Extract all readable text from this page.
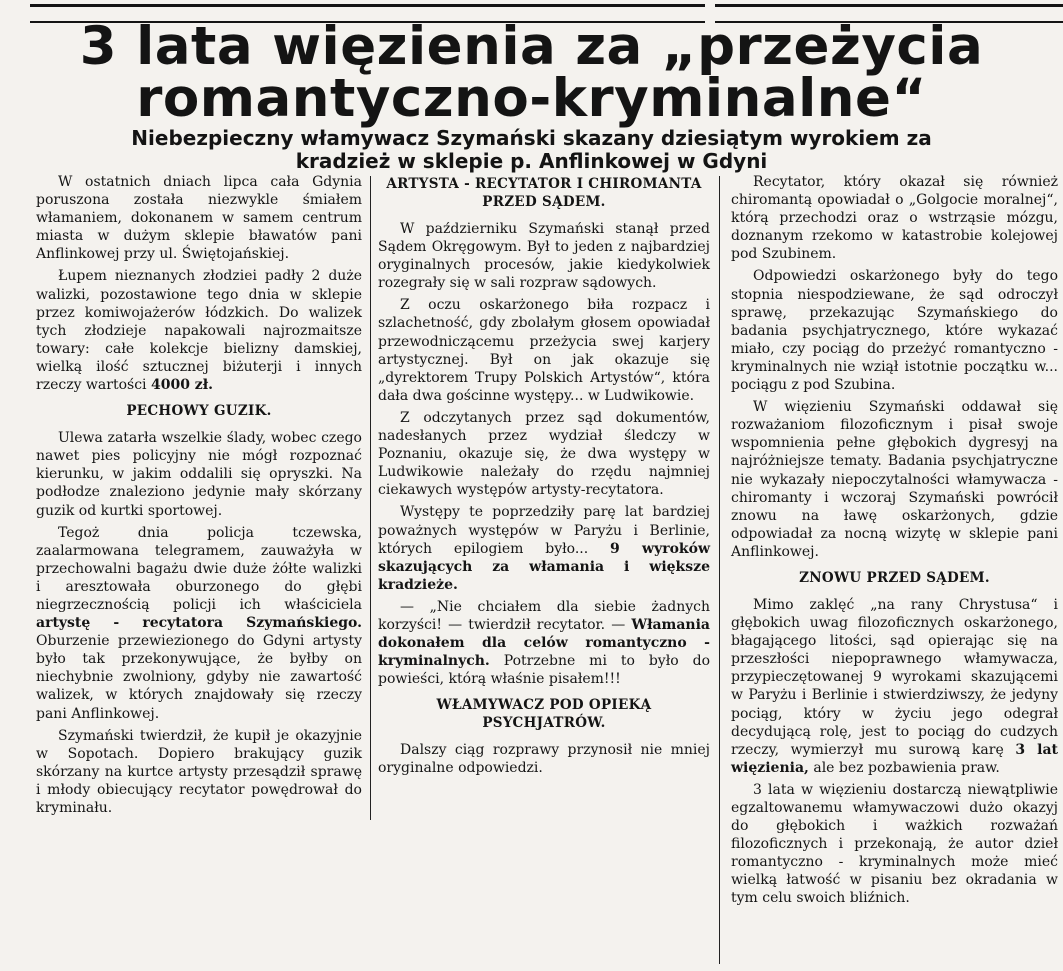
3 lata więzienia za „przeżycia
romantyczno-kryminalne“
Niebezpieczny włamywacz Szymański skazany dziesiątym wyrokiem za
kradzież w sklepie p. Anflinkowej w Gdyni

W ostatnich dniach lipca cała Gdynia poruszona została niezwykle śmiałem włamaniem, dokonanem w samem centrum miasta w dużym sklepie bławatów pani Anflinkowej przy ul. Świętojańskiej.

Łupem nieznanych złodziei padły 2 duże walizki, pozostawione tego dnia w sklepie przez komiwojażerów łódzkich. Do walizek tych złodzieje napakowali najrozmaitsze towary: całe kolekcje bielizny damskiej, wielką ilość sztucznej biżuterji i innych rzeczy wartości 4000 zł.

PECHOWY GUZIK.

Ulewa zatarła wszelkie ślady, wobec czego nawet pies policyjny nie mógł rozpoznać kierunku, w jakim oddalili się opryszki. Na podłodze znaleziono jedynie mały skórzany guzik od kurtki sportowej.

Tegoż dnia policja tczewska, zaalarmowana telegramem, zauważyła w przechowalni bagażu dwie duże żółte walizki i aresztowała oburzonego do głębi niegrzecznością policji ich właściciela artystę - recytatora Szymańskiego. Oburzenie przewiezionego do Gdyni artysty było tak przekonywujące, że byłby on niechybnie zwolniony, gdyby nie zawartość walizek, w których znajdowały się rzeczy pani Anflinkowej.

Szymański twierdził, że kupił je okazyjnie w Sopotach. Dopiero brakujący guzik skórzany na kurtce artysty przesądził sprawę i młody obiecujący recytator powędrował do kryminału.

ARTYSTA - RECYTATOR I CHIROMANTA PRZED SĄDEM.

W październiku Szymański stanął przed Sądem Okręgowym. Był to jeden z najbardziej oryginalnych procesów, jakie kiedykolwiek rozegrały się w sali rozpraw sądowych.

Z oczu oskarżonego biła rozpacz i szlachetność, gdy zbolałym głosem opowiadał przewodniczącemu przeżycia swej karjery artystycznej. Był on jak okazuje się „dyrektorem Trupy Polskich Artystów“, która dała dwa gościnne występy... w Ludwikowie.

Z odczytanych przez sąd dokumentów, nadesłanych przez wydział śledczy w Poznaniu, okazuje się, że dwa występy w Ludwikowie należały do rzędu najmniej ciekawych występów artysty-recytatora.

Występy te poprzedziły parę lat bardziej poważnych występów w Paryżu i Berlinie, których epilogiem było... 9 wyroków skazujących za włamania i większe kradzieże.

— „Nie chciałem dla siebie żadnych korzyści! — twierdził recytator. — Włamania dokonałem dla celów romantyczno - kryminalnych. Potrzebne mi to było do powieści, którą właśnie pisałem!!!

WŁAMYWACZ POD OPIEKĄ PSYCHJATRÓW.

Dalszy ciąg rozprawy przynosił nie mniej oryginalne odpowiedzi.

Recytator, który okazał się również chiromantą opowiadał o „Golgocie moralnej“, którą przechodzi oraz o wstrząsie mózgu, doznanym rzekomo w katastrobie kolejowej pod Szubinem.

Odpowiedzi oskarżonego były do tego stopnia niespodziewane, że sąd odroczył sprawę, przekazując Szymańskiego do badania psychjatrycznego, które wykazać miało, czy pociąg do przeżyć romantyczno - kryminalnych nie wziął istotnie początku w... pociągu z pod Szubina.

W więzieniu Szymański oddawał się rozważaniom filozoficznym i pisał swoje wspomnienia pełne głębokich dygresyj na najróżniejsze tematy. Badania psychjatryczne nie wykazały niepoczytalności włamywacza - chiromanty i wczoraj Szymański powrócił znowu na ławę oskarżonych, gdzie odpowiadał za nocną wizytę w sklepie pani Anflinkowej.

ZNOWU PRZED SĄDEM.

Mimo zaklęć „na rany Chrystusa“ i głębokich uwag filozoficznych oskarżonego, błagającego litości, sąd opierając się na przeszłości niepoprawnego włamywacza, przypieczętowanej 9 wyrokami skazującemi w Paryżu i Berlinie i stwierdziwszy, że jedyny pociąg, który w życiu jego odegrał decydującą rolę, jest to pociąg do cudzych rzeczy, wymierzył mu surową karę 3 lat więzienia, ale bez pozbawienia praw.

3 lata w więzieniu dostarczą niewątpliwie egzaltowanemu włamywaczowi dużo okazyj do głębokich i ważkich rozważań filozoficznych i przekonają, że autor dzieł romantyczno - kryminalnych może mieć wielką łatwość w pisaniu bez okradania w tym celu swoich bliźnich.
